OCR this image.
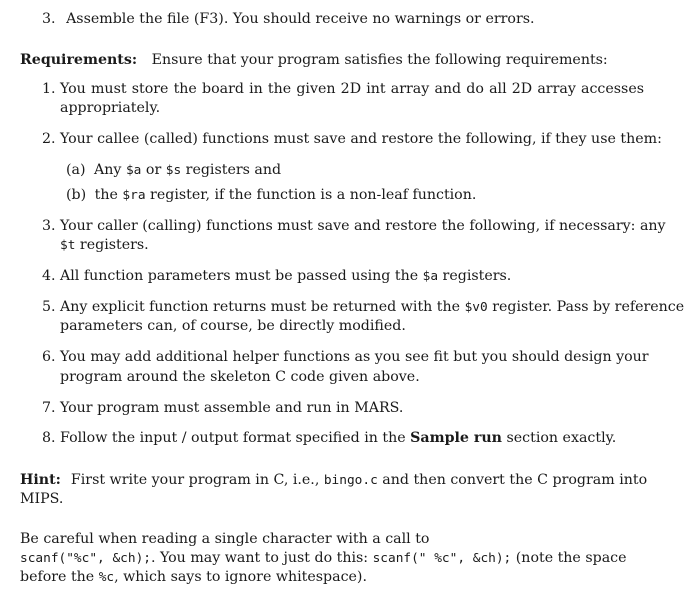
3. Assemble the file (F3). You should receive no warnings or errors.
Requirements: Ensure that your program satisfies the following requirements:
1. You must store the board in the given 2D int array and do all 2D array accesses
appropriately.
2. Your callee (called) functions must save and restore the following, if they use them:
(a) Any $a or $s registers and
(b) the $ra register, if the function is a non-leaf function.
3. Your caller (calling) functions must save and restore the following, if necessary: any
$t registers.
4. All function parameters must be passed using the $a registers.
5. Any explicit function returns must be returned with the $v0 register. Pass by reference
parameters can, of course, be directly modified.
6. You may add additional helper functions as you see fit but you should design your
program around the skeleton C code given above.
7. Your program must assemble and run in MARS.
8. Follow the input / output format specified in the Sample run section exactly.
Hint: First write your program in C, i.e., bingo.c and then convert the C program into
MIPS.
Be careful when reading a single character with a call to
scanf("%c", &ch);. You may want to just do this: scanf(" %c", &ch); (note the space
before the %c, which says to ignore whitespace).
